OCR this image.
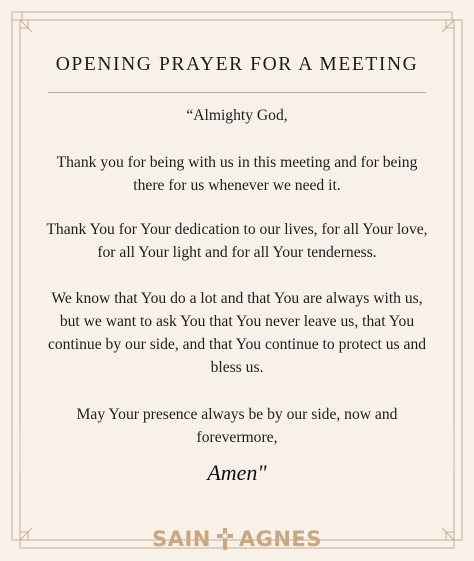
OPENING PRAYER FOR A MEETING
“Almighty God,
Thank you for being with us in this meeting and for being there for us whenever we need it.
Thank You for Your dedication to our lives, for all Your love, for all Your light and for all Your tenderness.
We know that You do a lot and that You are always with us, but we want to ask You that You never leave us, that You continue by our side, and that You continue to protect us and bless us.
May Your presence always be by our side, now and forevermore,
Amen"
SAIN AGNES
